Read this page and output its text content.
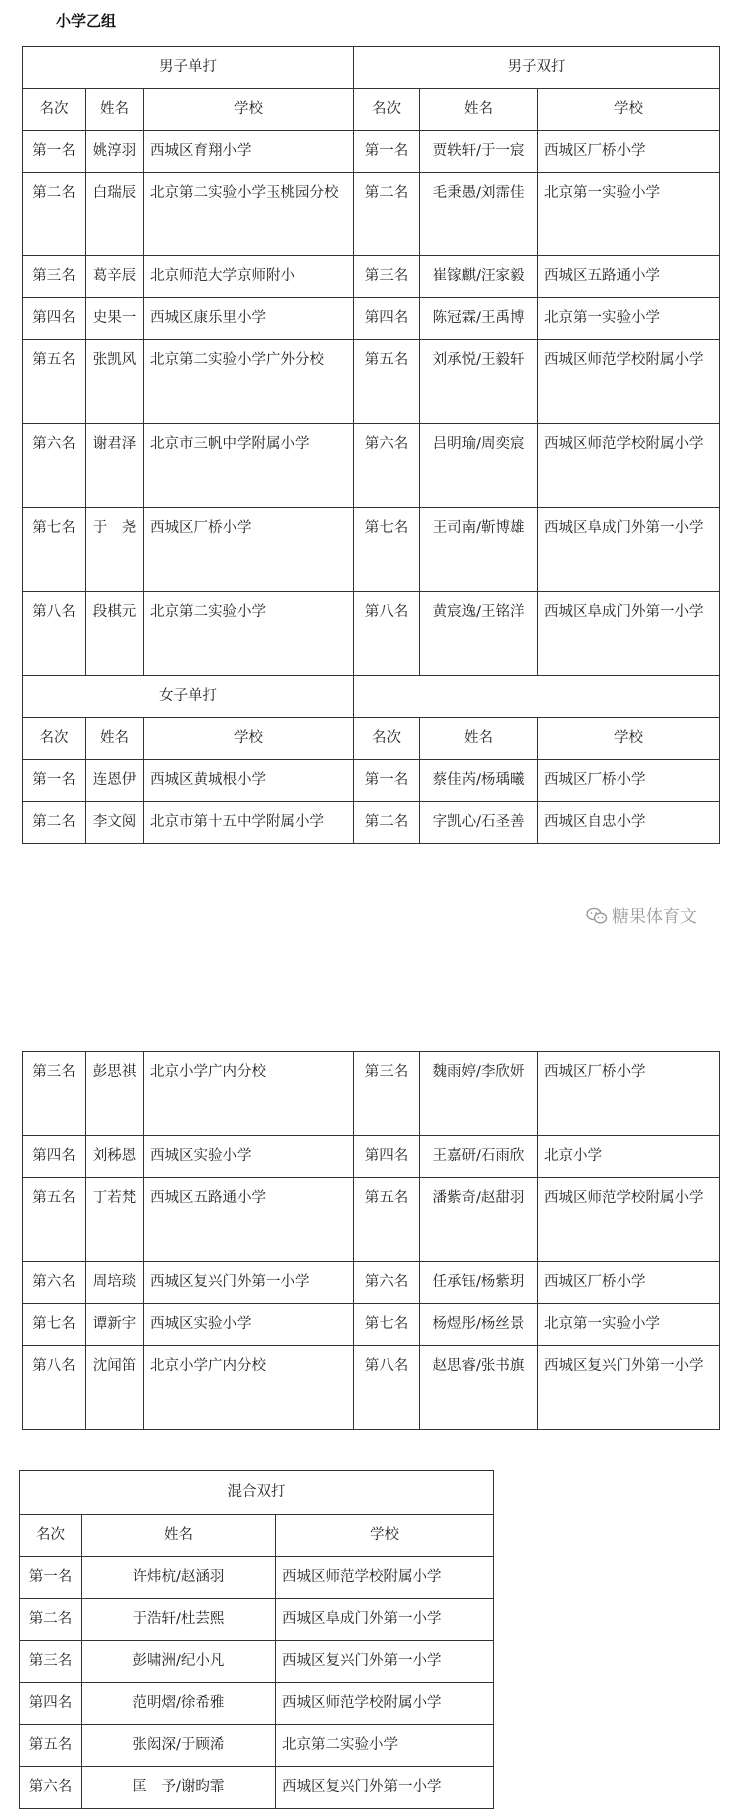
小学乙组
男子单打			男子双打		
名次	姓名	学校	名次	姓名	学校
第一名	姚淳羽	西城区育翔小学	第一名	贾轶轩/于一宸	西城区厂桥小学

第二名	白瑞辰	北京第二实验小学玉桃园分校	第二名	毛秉愚/刘霈佳	北京第一实验小学

第三名	葛辛辰	北京师范大学京师附小	第三名	崔镓麒/汪家毅	西城区五路通小学

第四名	史果一	西城区康乐里小学	第四名	陈冠霖/王禹博	北京第一实验小学

第五名	张凯风	北京第二实验小学广外分校	第五名	刘承悦/王毅轩	西城区师范学校附属小学

第六名	谢君泽	北京市三帆中学附属小学	第六名	吕明瑜/周奕宸	西城区师范学校附属小学

第七名	于　尧	西城区厂桥小学	第七名	王司南/靳博雄	西城区阜成门外第一小学

第八名	段棋元	北京第二实验小学	第八名	黄宸逸/王铭洋	西城区阜成门外第一小学

女子单打					
名次	姓名	学校	名次	姓名	学校
第一名	连恩伊	西城区黄城根小学	第一名	蔡佳芮/杨瑀曦	西城区厂桥小学

第二名	李文阅	北京市第十五中学附属小学	第二名	字凯心/石圣善	西城区自忠小学
糖果体育文
第三名	彭思祺	北京小学广内分校	第三名	魏雨婷/李欣妍	西城区厂桥小学

第四名	刘秭恩	西城区实验小学	第四名	王嘉研/石雨欣	北京小学

第五名	丁若梵	西城区五路通小学	第五名	潘紫奇/赵甜羽	西城区师范学校附属小学

第六名	周培琰	西城区复兴门外第一小学	第六名	任承钰/杨紫玥	西城区厂桥小学

第七名	谭新宇	西城区实验小学	第七名	杨煜彤/杨丝景	北京第一实验小学

第八名	沈闻笛	北京小学广内分校	第八名	赵思睿/张书旗	西城区复兴门外第一小学
混合双打		
名次	姓名	学校
第一名	许炜杭/赵涵羽	西城区师范学校附属小学

第二名	于浩轩/杜芸熙	西城区阜成门外第一小学

第三名	彭啸洲/纪小凡	西城区复兴门外第一小学

第四名	范明熠/徐希雅	西城区师范学校附属小学

第五名	张闳深/于顾浠	北京第二实验小学

第六名	匡　予/谢昀霏	西城区复兴门外第一小学
